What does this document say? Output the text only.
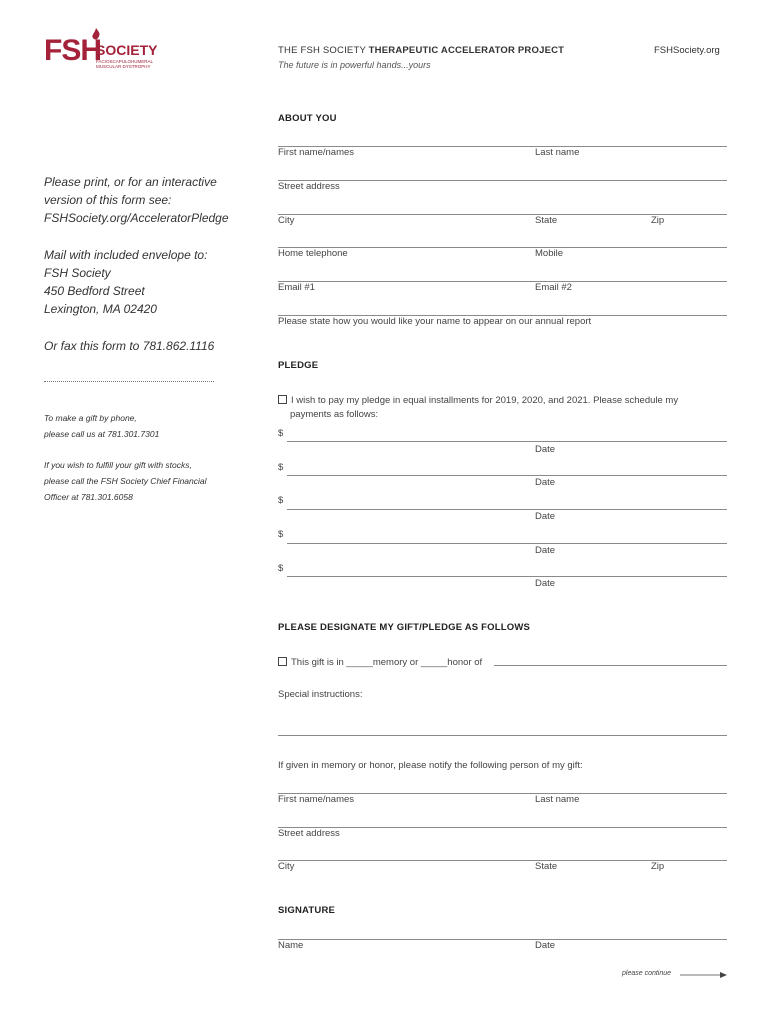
FSH
SOCIETY
FACIOSCAPULOHUMERAL MUSCULAR DYSTROPHY
THE FSH SOCIETY THERAPEUTIC ACCELERATOR PROJECT
The future is in powerful hands...yours
FSHSociety.org
Please print, or for an interactive
version of this form see:
FSHSociety.org/AcceleratorPledge
Mail with included envelope to:
FSH Society
450 Bedford Street
Lexington, MA 02420
Or fax this form to 781.862.1116
To make a gift by phone,
please call us at 781.301.7301
If you wish to fulfill your gift with stocks,
please call the FSH Society Chief Financial
Officer at 781.301.6058
ABOUT YOU
First name/names	Last name
Street address
City	State	Zip
Home telephone	Mobile
Email #1	Email #2
Please state how you would like your name to appear on our annual report
PLEDGE
I wish to pay my pledge in equal installments for 2019, 2020, and 2021. Please schedule my
payments as follows:
$
Date
$
Date
$
Date
$
Date
$
Date
PLEASE DESIGNATE MY GIFT/PLEDGE AS FOLLOWS
This gift is in _____memory or _____honor of
Special instructions:
If given in memory or honor, please notify the following person of my gift:
First name/names	Last name
Street address
City	State	Zip
SIGNATURE
Name	Date
please continue
